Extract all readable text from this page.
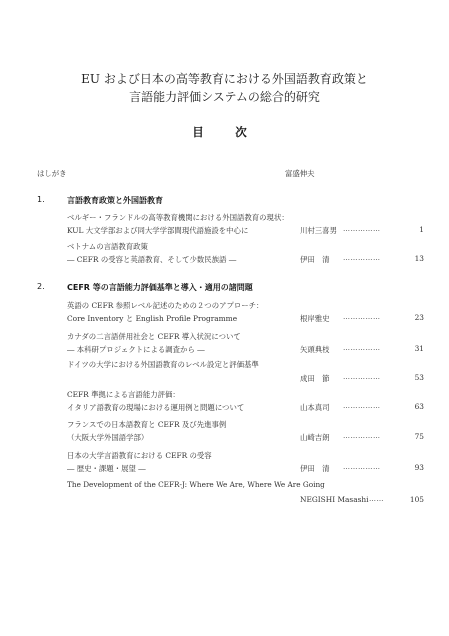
EU および日本の高等教育における外国語教育政策と
言語能力評価システムの総合的研究
目　次
はしがき	富盛伸夫
1.	言語教育政策と外国語教育
ベルギー・フランドルの高等教育機関における外国語教育の現状：
KUL 大文学部および同大学学部間現代語施設を中心に	川村三喜男 ……………	1
ベトナムの言語教育政策
― CEFR の受容と英語教育、そして少数民族語 ―	伊田　清 ……………	13
2.	CEFR 等の言語能力評価基準と導入・適用の諸問題
英語の CEFR 参照レベル記述のための２つのアプローチ：
Core Inventory と English Profile Programme	根岸雅史 ……………	23
カナダの二言語併用社会と CEFR 導入状況について
― 本科研プロジェクトによる調査から ―	矢頭典枝 ……………	31
ドイツの大学における外国語教育のレベル設定と評価基準
成田　節 ……………	53
CEFR 準拠による言語能力評価：
イタリア語教育の現場における運用例と問題について	山本真司 ……………	63
フランスでの日本語教育と CEFR 及び先進事例
（大阪大学外国語学部）	山崎吉朗 ……………	75
日本の大学言語教育における CEFR の受容
― 歴史・課題・展望 ―	伊田　清 ……………	93
The Development of the CEFR-J: Where We Are, Where We Are Going
NEGISHI Masashi ……	105
